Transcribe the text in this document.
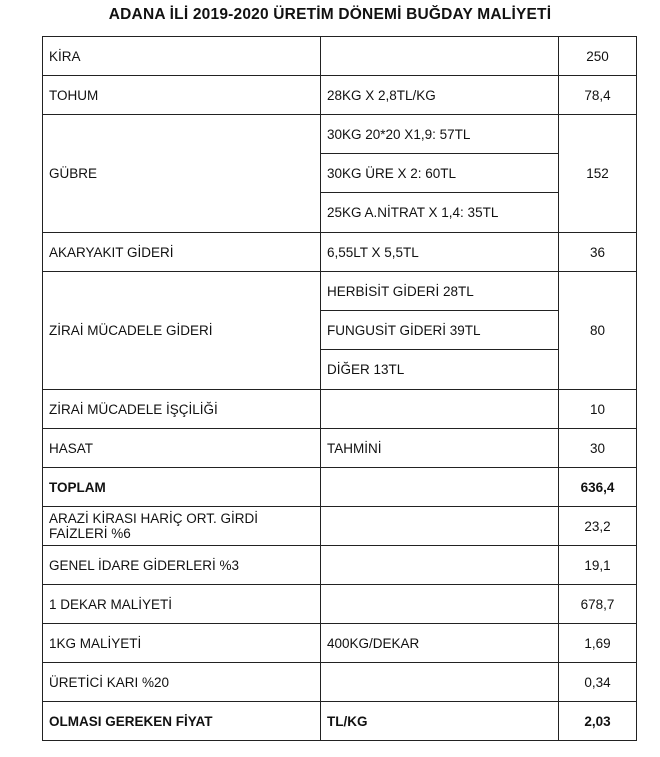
ADANA İLİ 2019-2020 ÜRETİM DÖNEMİ BUĞDAY MALİYETİ
KİRA		250
TOHUM	28KG X 2,8TL/KG	78,4
GÜBRE	30KG 20*20 X1,9: 57TL
30KG ÜRE X 2: 60TL
25KG A.NİTRAT X 1,4: 35TL	152
AKARYAKIT GİDERİ	6,55LT X 5,5TL	36
ZİRAİ MÜCADELE GİDERİ	HERBİSİT GİDERİ 28TL
FUNGUSİT GİDERİ 39TL
DİĞER 13TL	80
ZİRAİ MÜCADELE İŞÇİLİĞİ		10
HASAT	TAHMİNİ	30
TOPLAM		636,4
ARAZİ KİRASI HARİÇ ORT. GİRDİ FAİZLERİ %6		23,2
GENEL İDARE GİDERLERİ %3		19,1
1 DEKAR MALİYETİ		678,7
1KG MALİYETİ	400KG/DEKAR	1,69
ÜRETİCİ KARI %20		0,34
OLMASI GEREKEN FİYAT	TL/KG	2,03
